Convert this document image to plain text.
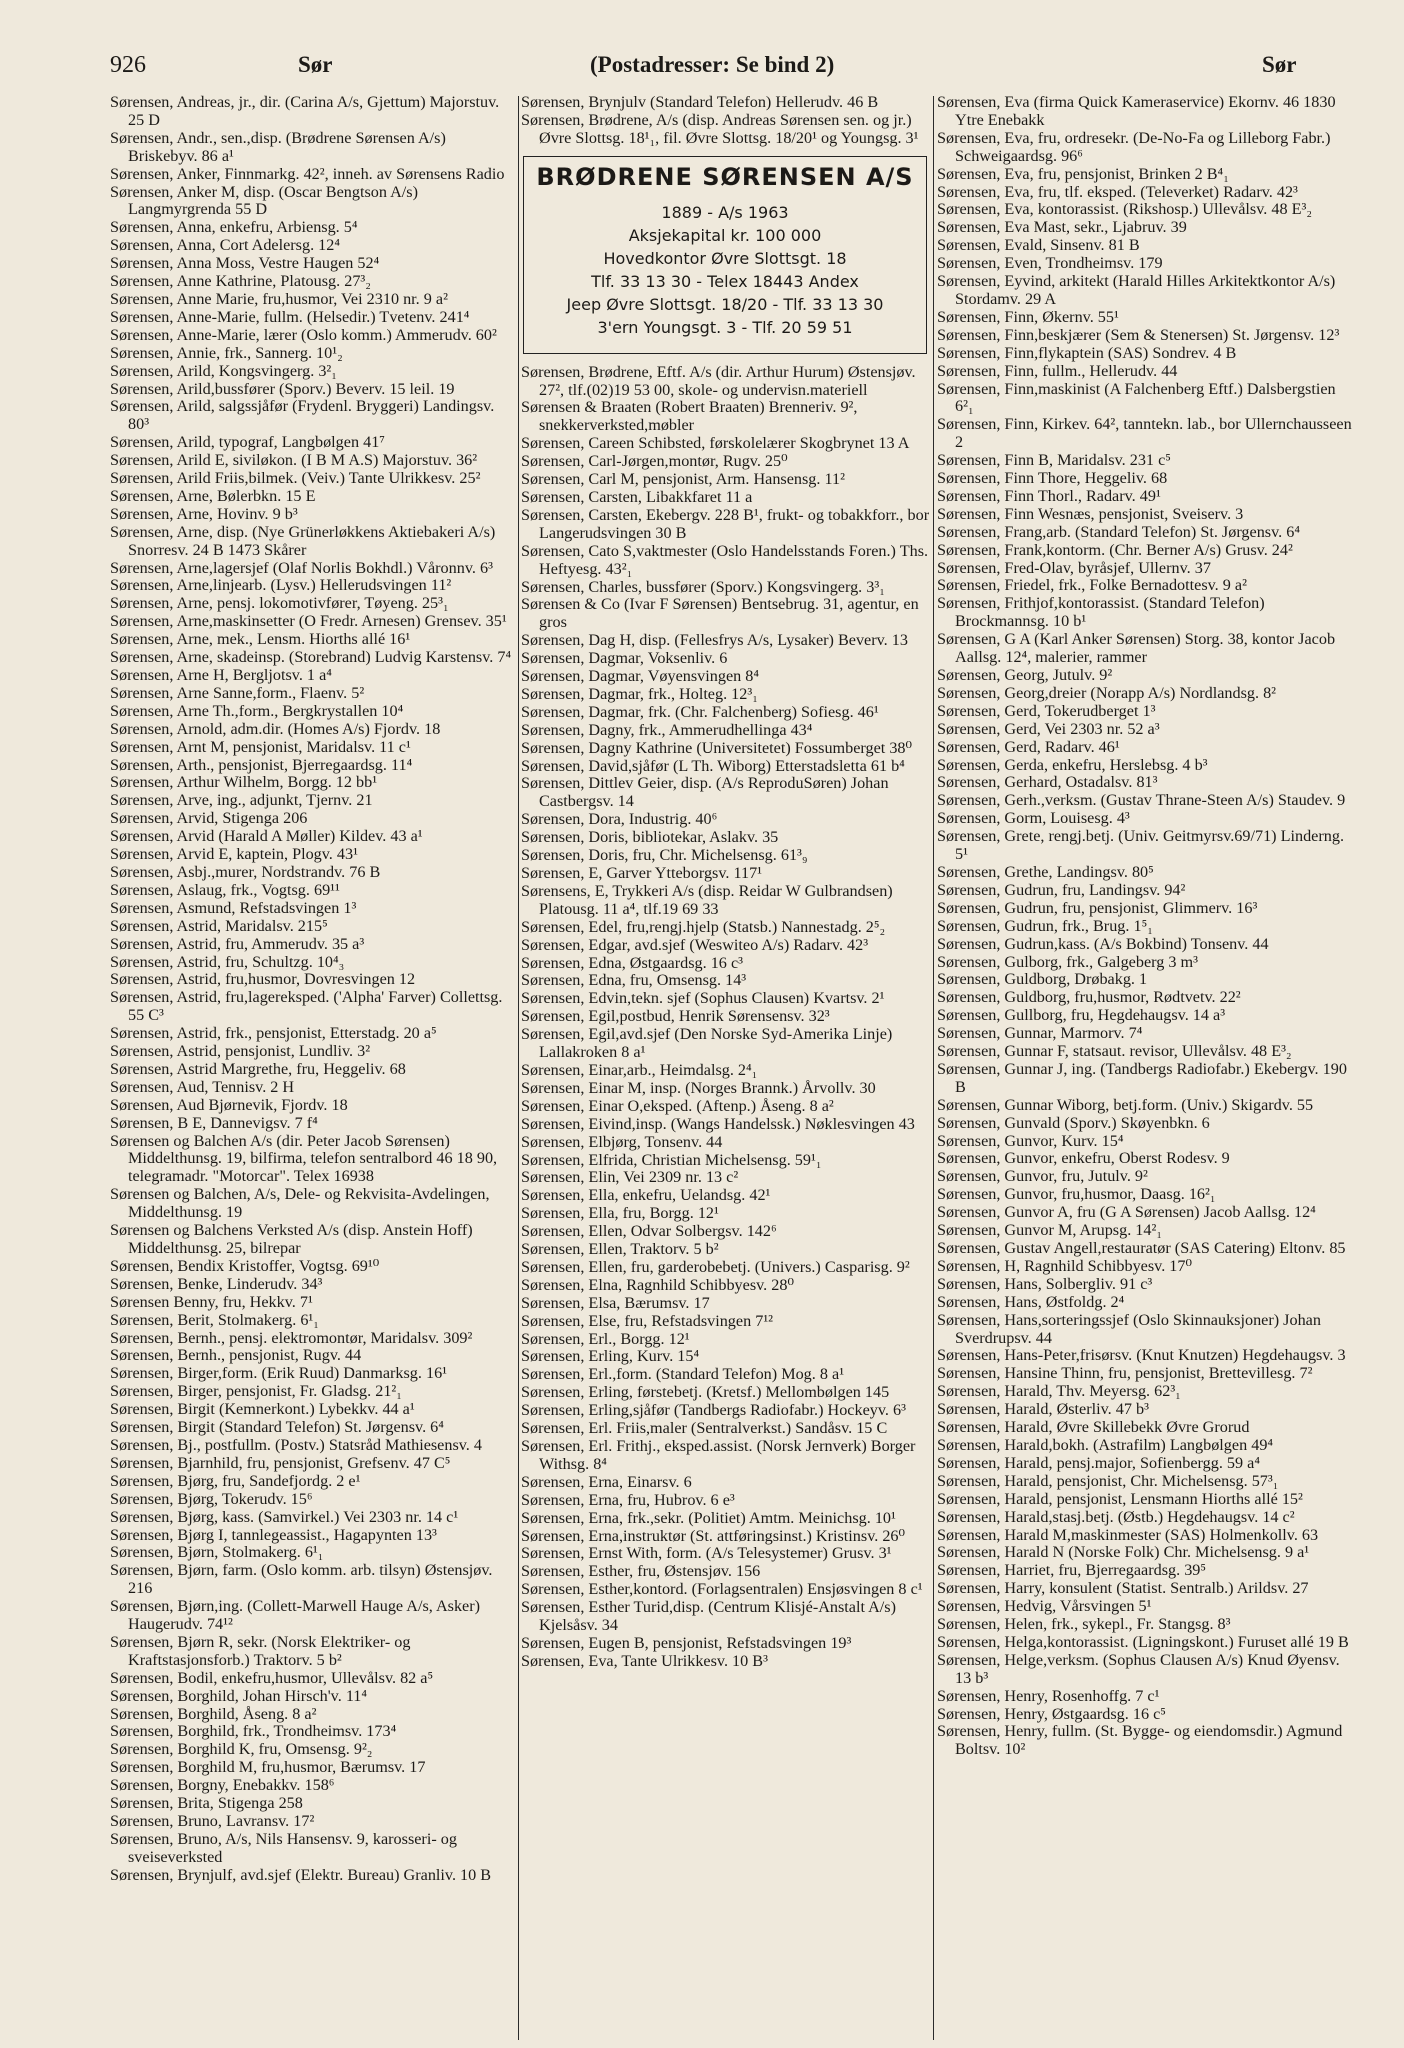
926	Sør	(Postadresser: Se bind 2)	Sør
Sørensen, Andreas, jr., dir. (Carina A/s, Gjettum) Majorstuv. 25 D
Sørensen, Andr., sen.,disp. (Brødrene Sørensen A/s) Briskebyv. 86 a¹
Sørensen, Anker, Finnmarkg. 42², inneh. av Sørensens Radio
Sørensen, Anker M, disp. (Oscar Bengtson A/s) Langmyrgrenda 55 D
Sørensen, Anna, enkefru, Arbiensg. 5⁴
Sørensen, Anna, Cort Adelersg. 12⁴
Sørensen, Anna Moss, Vestre Haugen 52⁴
Sørensen, Anne Kathrine, Platousg. 27³₂
Sørensen, Anne Marie, fru,husmor, Vei 2310 nr. 9 a²
Sørensen, Anne-Marie, fullm. (Helsedir.) Tvetenv. 241⁴
Sørensen, Anne-Marie, lærer (Oslo komm.) Ammerudv. 60²
Sørensen, Annie, frk., Sannerg. 10¹₂
Sørensen, Arild, Kongsvingerg. 3²₁
Sørensen, Arild,bussfører (Sporv.) Beverv. 15 leil. 19
Sørensen, Arild, salgssjåfør (Frydenl. Bryggeri) Landingsv. 80³
Sørensen, Arild, typograf, Langbølgen 41⁷
Sørensen, Arild E, siviløkon. (I B M A.S) Majorstuv. 36²
Sørensen, Arild Friis,bilmek. (Veiv.) Tante Ulrikkesv. 25²
Sørensen, Arne, Bølerbkn. 15 E
Sørensen, Arne, Hovinv. 9 b³
Sørensen, Arne, disp. (Nye Grünerløkkens Aktiebakeri A/s) Snorresv. 24 B 1473 Skårer
Sørensen, Arne,lagersjef (Olaf Norlis Bokhdl.) Våronnv. 6³
Sørensen, Arne,linjearb. (Lysv.) Hellerudsvingen 11²
Sørensen, Arne, pensj. lokomotivfører, Tøyeng. 25³₁
Sørensen, Arne,maskinsetter (O Fredr. Arnesen) Grensev. 35¹
Sørensen, Arne, mek., Lensm. Hiorths allé 16¹
Sørensen, Arne, skadeinsp. (Storebrand) Ludvig Karstensv. 7⁴
Sørensen, Arne H, Bergljotsv. 1 a⁴
Sørensen, Arne Sanne,form., Flaenv. 5²
Sørensen, Arne Th.,form., Bergkrystallen 10⁴
Sørensen, Arnold, adm.dir. (Homes A/s) Fjordv. 18
Sørensen, Arnt M, pensjonist, Maridalsv. 11 c¹
Sørensen, Arth., pensjonist, Bjerregaardsg. 11⁴
Sørensen, Arthur Wilhelm, Borgg. 12 bb¹
Sørensen, Arve, ing., adjunkt, Tjernv. 21
Sørensen, Arvid, Stigenga 206
Sørensen, Arvid (Harald A Møller) Kildev. 43 a¹
Sørensen, Arvid E, kaptein, Plogv. 43¹
Sørensen, Asbj.,murer, Nordstrandv. 76 B
Sørensen, Aslaug, frk., Vogtsg. 69¹¹
Sørensen, Asmund, Refstadsvingen 1³
Sørensen, Astrid, Maridalsv. 215⁵
Sørensen, Astrid, fru, Ammerudv. 35 a³
Sørensen, Astrid, fru, Schultzg. 10⁴₃
Sørensen, Astrid, fru,husmor, Dovresvingen 12
Sørensen, Astrid, fru,lagereksped. ('Alpha' Farver) Collettsg. 55 C³
Sørensen, Astrid, frk., pensjonist, Etterstadg. 20 a⁵
Sørensen, Astrid, pensjonist, Lundliv. 3²
Sørensen, Astrid Margrethe, fru, Heggeliv. 68
Sørensen, Aud, Tennisv. 2 H
Sørensen, Aud Bjørnevik, Fjordv. 18
Sørensen, B E, Dannevigsv. 7 f⁴
Sørensen og Balchen A/s (dir. Peter Jacob Sørensen) Middelthunsg. 19, bilfirma, telefon sentralbord 46 18 90, telegramadr. "Motorcar". Telex 16938
Sørensen og Balchen, A/s, Dele- og Rekvisita-Avdelingen, Middelthunsg. 19
Sørensen og Balchens Verksted A/s (disp. Anstein Hoff) Middelthunsg. 25, bilrepar
Sørensen, Bendix Kristoffer, Vogtsg. 69¹⁰
Sørensen, Benke, Linderudv. 34³
Sørensen Benny, fru, Hekkv. 7¹
Sørensen, Berit, Stolmakerg. 6¹₁
Sørensen, Bernh., pensj. elektromontør, Maridalsv. 309²
Sørensen, Bernh., pensjonist, Rugv. 44
Sørensen, Birger,form. (Erik Ruud) Danmarksg. 16¹
Sørensen, Birger, pensjonist, Fr. Gladsg. 21²₁
Sørensen, Birgit (Kemnerkont.) Lybekkv. 44 a¹
Sørensen, Birgit (Standard Telefon) St. Jørgensv. 6⁴
Sørensen, Bj., postfullm. (Postv.) Statsråd Mathiesensv. 4
Sørensen, Bjarnhild, fru, pensjonist, Grefsenv. 47 C⁵
Sørensen, Bjørg, fru, Sandefjordg. 2 e¹
Sørensen, Bjørg, Tokerudv. 15⁶
Sørensen, Bjørg, kass. (Samvirkel.) Vei 2303 nr. 14 c¹
Sørensen, Bjørg I, tannlegeassist., Hagapynten 13³
Sørensen, Bjørn, Stolmakerg. 6¹₁
Sørensen, Bjørn, farm. (Oslo komm. arb. tilsyn) Østensjøv. 216
Sørensen, Bjørn,ing. (Collett-Marwell Hauge A/s, Asker) Haugerudv. 74¹²
Sørensen, Bjørn R, sekr. (Norsk Elektriker- og Kraftstasjonsforb.) Traktorv. 5 b²
Sørensen, Bodil, enkefru,husmor, Ullevålsv. 82 a⁵
Sørensen, Borghild, Johan Hirsch'v. 11⁴
Sørensen, Borghild, Åseng. 8 a²
Sørensen, Borghild, frk., Trondheimsv. 173⁴
Sørensen, Borghild K, fru, Omsensg. 9²₂
Sørensen, Borghild M, fru,husmor, Bærumsv. 17
Sørensen, Borgny, Enebakkv. 158⁶
Sørensen, Brita, Stigenga 258
Sørensen, Bruno, Lavransv. 17²
Sørensen, Bruno, A/s, Nils Hansensv. 9, karosseri- og sveiseverksted
Sørensen, Brynjulf, avd.sjef (Elektr. Bureau) Granliv. 10 B
Sørensen, Brynjulv (Standard Telefon) Hellerudv. 46 B
Sørensen, Brødrene, A/s (disp. Andreas Sørensen sen. og jr.) Øvre Slottsg. 18¹₁, fil. Øvre Slottsg. 18/20¹ og Youngsg. 3¹
BRØDRENE SØRENSEN A/S
1889 - A/s 1963
Aksjekapital kr. 100 000
Hovedkontor Øvre Slottsgt. 18
Tlf. 33 13 30 - Telex 18443 Andex
Jeep Øvre Slottsgt. 18/20 - Tlf. 33 13 30
3'ern Youngsgt. 3 - Tlf. 20 59 51
Sørensen, Brødrene, Eftf. A/s (dir. Arthur Hurum) Østensjøv. 27², tlf.(02)19 53 00, skole- og undervisn.materiell
Sørensen & Braaten (Robert Braaten) Brenneriv. 9², snekkerverksted,møbler
Sørensen, Careen Schibsted, førskolelærer Skogbrynet 13 A
Sørensen, Carl-Jørgen,montør, Rugv. 25⁰
Sørensen, Carl M, pensjonist, Arm. Hansensg. 11²
Sørensen, Carsten, Libakkfaret 11 a
Sørensen, Carsten, Ekebergv. 228 B¹, frukt- og tobakkforr., bor Langerudsvingen 30 B
Sørensen, Cato S,vaktmester (Oslo Handelsstands Foren.) Ths. Heftyesg. 43²₁
Sørensen, Charles, bussfører (Sporv.) Kongsvingerg. 3³₁
Sørensen & Co (Ivar F Sørensen) Bentsebrug. 31, agentur, en gros
Sørensen, Dag H, disp. (Fellesfrys A/s, Lysaker) Beverv. 13
Sørensen, Dagmar, Voksenliv. 6
Sørensen, Dagmar, Vøyensvingen 8⁴
Sørensen, Dagmar, frk., Holteg. 12³₁
Sørensen, Dagmar, frk. (Chr. Falchenberg) Sofiesg. 46¹
Sørensen, Dagny, frk., Ammerudhellinga 43⁴
Sørensen, Dagny Kathrine (Universitetet) Fossumberget 38⁰
Sørensen, David,sjåfør (L Th. Wiborg) Etterstadsletta 61 b⁴
Sørensen, Dittlev Geier, disp. (A/s ReproduSøren) Johan Castbergsv. 14
Sørensen, Dora, Industrig. 40⁶
Sørensen, Doris, bibliotekar, Aslakv. 35
Sørensen, Doris, fru, Chr. Michelsensg. 61³₉
Sørensen, E, Garver Ytteborgsv. 117¹
Sørensens, E, Trykkeri A/s (disp. Reidar W Gulbrandsen) Platousg. 11 a⁴, tlf.19 69 33
Sørensen, Edel, fru,rengj.hjelp (Statsb.) Nannestadg. 2⁵₂
Sørensen, Edgar, avd.sjef (Weswiteo A/s) Radarv. 42³
Sørensen, Edna, Østgaardsg. 16 c³
Sørensen, Edna, fru, Omsensg. 14³
Sørensen, Edvin,tekn. sjef (Sophus Clausen) Kvartsv. 2¹
Sørensen, Egil,postbud, Henrik Sørensensv. 32³
Sørensen, Egil,avd.sjef (Den Norske Syd-Amerika Linje) Lallakroken 8 a¹
Sørensen, Einar,arb., Heimdalsg. 2⁴₁
Sørensen, Einar M, insp. (Norges Brannk.) Årvollv. 30
Sørensen, Einar O,eksped. (Aftenp.) Åseng. 8 a²
Sørensen, Eivind,insp. (Wangs Handelssk.) Nøklesvingen 43
Sørensen, Elbjørg, Tonsenv. 44
Sørensen, Elfrida, Christian Michelsensg. 59¹₁
Sørensen, Elin, Vei 2309 nr. 13 c²
Sørensen, Ella, enkefru, Uelandsg. 42¹
Sørensen, Ella, fru, Borgg. 12¹
Sørensen, Ellen, Odvar Solbergsv. 142⁶
Sørensen, Ellen, Traktorv. 5 b²
Sørensen, Ellen, fru, garderobebetj. (Univers.) Casparisg. 9²
Sørensen, Elna, Ragnhild Schibbyesv. 28⁰
Sørensen, Elsa, Bærumsv. 17
Sørensen, Else, fru, Refstadsvingen 7¹²
Sørensen, Erl., Borgg. 12¹
Sørensen, Erling, Kurv. 15⁴
Sørensen, Erl.,form. (Standard Telefon) Mog. 8 a¹
Sørensen, Erling, førstebetj. (Kretsf.) Mellombølgen 145
Sørensen, Erling,sjåfør (Tandbergs Radiofabr.) Hockeyv. 6³
Sørensen, Erl. Friis,maler (Sentralverkst.) Sandåsv. 15 C
Sørensen, Erl. Frithj., eksped.assist. (Norsk Jernverk) Borger Withsg. 8⁴
Sørensen, Erna, Einarsv. 6
Sørensen, Erna, fru, Hubrov. 6 e³
Sørensen, Erna, frk.,sekr. (Politiet) Amtm. Meinichsg. 10¹
Sørensen, Erna,instruktør (St. attføringsinst.) Kristinsv. 26⁰
Sørensen, Ernst With, form. (A/s Telesystemer) Grusv. 3¹
Sørensen, Esther, fru, Østensjøv. 156
Sørensen, Esther,kontord. (Forlagsentralen) Ensjøsvingen 8 c¹
Sørensen, Esther Turid,disp. (Centrum Klisjé-Anstalt A/s) Kjelsåsv. 34
Sørensen, Eugen B, pensjonist, Refstadsvingen 19³
Sørensen, Eva, Tante Ulrikkesv. 10 B³
Sørensen, Eva (firma Quick Kameraservice) Ekornv. 46 1830 Ytre Enebakk
Sørensen, Eva, fru, ordresekr. (De-No-Fa og Lilleborg Fabr.) Schweigaardsg. 96⁶
Sørensen, Eva, fru, pensjonist, Brinken 2 B⁴₁
Sørensen, Eva, fru, tlf. eksped. (Televerket) Radarv. 42³
Sørensen, Eva, kontorassist. (Rikshosp.) Ullevålsv. 48 E³₂
Sørensen, Eva Mast, sekr., Ljabruv. 39
Sørensen, Evald, Sinsenv. 81 B
Sørensen, Even, Trondheimsv. 179
Sørensen, Eyvind, arkitekt (Harald Hilles Arkitektkontor A/s) Stordamv. 29 A
Sørensen, Finn, Økernv. 55¹
Sørensen, Finn,beskjærer (Sem & Stenersen) St. Jørgensv. 12³
Sørensen, Finn,flykaptein (SAS) Sondrev. 4 B
Sørensen, Finn, fullm., Hellerudv. 44
Sørensen, Finn,maskinist (A Falchenberg Eftf.) Dalsbergstien 6²₁
Sørensen, Finn, Kirkev. 64², tanntekn. lab., bor Ullernchausseen 2
Sørensen, Finn B, Maridalsv. 231 c⁵
Sørensen, Finn Thore, Heggeliv. 68
Sørensen, Finn Thorl., Radarv. 49¹
Sørensen, Finn Wesnæs, pensjonist, Sveiserv. 3
Sørensen, Frang,arb. (Standard Telefon) St. Jørgensv. 6⁴
Sørensen, Frank,kontorm. (Chr. Berner A/s) Grusv. 24²
Sørensen, Fred-Olav, byråsjef, Ullernv. 37
Sørensen, Friedel, frk., Folke Bernadottesv. 9 a²
Sørensen, Frithjof,kontorassist. (Standard Telefon) Brockmannsg. 10 b¹
Sørensen, G A (Karl Anker Sørensen) Storg. 38, kontor Jacob Aallsg. 12⁴, malerier, rammer
Sørensen, Georg, Jutulv. 9²
Sørensen, Georg,dreier (Norapp A/s) Nordlandsg. 8²
Sørensen, Gerd, Tokerudberget 1³
Sørensen, Gerd, Vei 2303 nr. 52 a³
Sørensen, Gerd, Radarv. 46¹
Sørensen, Gerda, enkefru, Herslebsg. 4 b³
Sørensen, Gerhard, Ostadalsv. 81³
Sørensen, Gerh.,verksm. (Gustav Thrane-Steen A/s) Staudev. 9
Sørensen, Gorm, Louisesg. 4³
Sørensen, Grete, rengj.betj. (Univ. Geitmyrsv.69/71) Linderng. 5¹
Sørensen, Grethe, Landingsv. 80⁵
Sørensen, Gudrun, fru, Landingsv. 94²
Sørensen, Gudrun, fru, pensjonist, Glimmerv. 16³
Sørensen, Gudrun, frk., Brug. 1⁵₁
Sørensen, Gudrun,kass. (A/s Bokbind) Tonsenv. 44
Sørensen, Gulborg, frk., Galgeberg 3 m³
Sørensen, Guldborg, Drøbakg. 1
Sørensen, Guldborg, fru,husmor, Rødtvetv. 22²
Sørensen, Gullborg, fru, Hegdehaugsv. 14 a³
Sørensen, Gunnar, Marmorv. 7⁴
Sørensen, Gunnar F, statsaut. revisor, Ullevålsv. 48 E³₂
Sørensen, Gunnar J, ing. (Tandbergs Radiofabr.) Ekebergv. 190 B
Sørensen, Gunnar Wiborg, betj.form. (Univ.) Skigardv. 55
Sørensen, Gunvald (Sporv.) Skøyenbkn. 6
Sørensen, Gunvor, Kurv. 15⁴
Sørensen, Gunvor, enkefru, Oberst Rodesv. 9
Sørensen, Gunvor, fru, Jutulv. 9²
Sørensen, Gunvor, fru,husmor, Daasg. 16²₁
Sørensen, Gunvor A, fru (G A Sørensen) Jacob Aallsg. 12⁴
Sørensen, Gunvor M, Arupsg. 14²₁
Sørensen, Gustav Angell,restauratør (SAS Catering) Eltonv. 85
Sørensen, H, Ragnhild Schibbyesv. 17⁰
Sørensen, Hans, Solbergliv. 91 c³
Sørensen, Hans, Østfoldg. 2⁴
Sørensen, Hans,sorteringssjef (Oslo Skinnauksjoner) Johan Sverdrupsv. 44
Sørensen, Hans-Peter,frisørsv. (Knut Knutzen) Hegdehaugsv. 3
Sørensen, Hansine Thinn, fru, pensjonist, Brettevillesg. 7²
Sørensen, Harald, Thv. Meyersg. 62³₁
Sørensen, Harald, Østerliv. 47 b³
Sørensen, Harald, Øvre Skillebekk Øvre Grorud
Sørensen, Harald,bokh. (Astrafilm) Langbølgen 49⁴
Sørensen, Harald, pensj.major, Sofienbergg. 59 a⁴
Sørensen, Harald, pensjonist, Chr. Michelsensg. 57³₁
Sørensen, Harald, pensjonist, Lensmann Hiorths allé 15²
Sørensen, Harald,stasj.betj. (Østb.) Hegdehaugsv. 14 c²
Sørensen, Harald M,maskinmester (SAS) Holmenkollv. 63
Sørensen, Harald N (Norske Folk) Chr. Michelsensg. 9 a¹
Sørensen, Harriet, fru, Bjerregaardsg. 39⁵
Sørensen, Harry, konsulent (Statist. Sentralb.) Arildsv. 27
Sørensen, Hedvig, Vårsvingen 5¹
Sørensen, Helen, frk., sykepl., Fr. Stangsg. 8³
Sørensen, Helga,kontorassist. (Ligningskont.) Furuset allé 19 B
Sørensen, Helge,verksm. (Sophus Clausen A/s) Knud Øyensv. 13 b³
Sørensen, Henry, Rosenhoffg. 7 c¹
Sørensen, Henry, Østgaardsg. 16 c⁵
Sørensen, Henry, fullm. (St. Bygge- og eiendomsdir.) Agmund Boltsv. 10²
